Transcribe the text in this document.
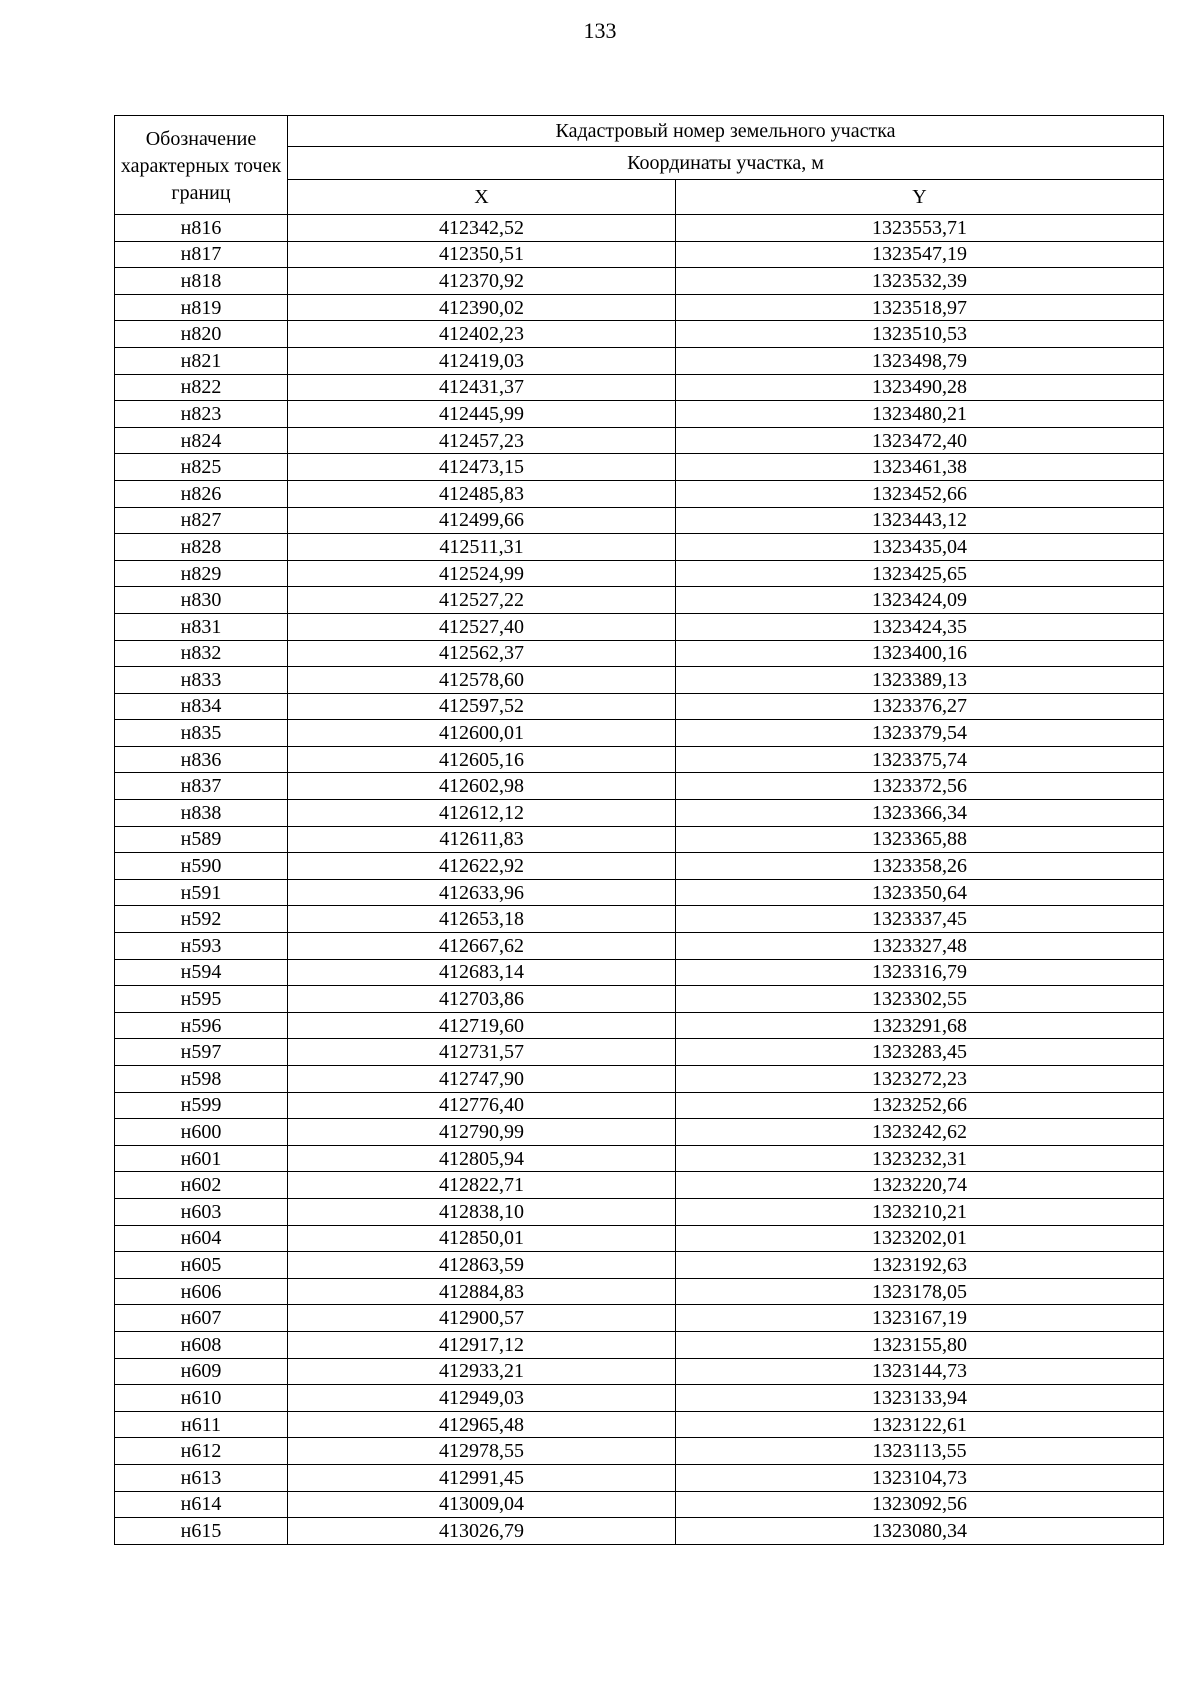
133
Обозначение характерных точек границ	Кадастровый номер земельного участка	
	Координаты участка, м	
	X	Y
н816	412342,52	1323553,71
н817	412350,51	1323547,19
н818	412370,92	1323532,39
н819	412390,02	1323518,97
н820	412402,23	1323510,53
н821	412419,03	1323498,79
н822	412431,37	1323490,28
н823	412445,99	1323480,21
н824	412457,23	1323472,40
н825	412473,15	1323461,38
н826	412485,83	1323452,66
н827	412499,66	1323443,12
н828	412511,31	1323435,04
н829	412524,99	1323425,65
н830	412527,22	1323424,09
н831	412527,40	1323424,35
н832	412562,37	1323400,16
н833	412578,60	1323389,13
н834	412597,52	1323376,27
н835	412600,01	1323379,54
н836	412605,16	1323375,74
н837	412602,98	1323372,56
н838	412612,12	1323366,34
н589	412611,83	1323365,88
н590	412622,92	1323358,26
н591	412633,96	1323350,64
н592	412653,18	1323337,45
н593	412667,62	1323327,48
н594	412683,14	1323316,79
н595	412703,86	1323302,55
н596	412719,60	1323291,68
н597	412731,57	1323283,45
н598	412747,90	1323272,23
н599	412776,40	1323252,66
н600	412790,99	1323242,62
н601	412805,94	1323232,31
н602	412822,71	1323220,74
н603	412838,10	1323210,21
н604	412850,01	1323202,01
н605	412863,59	1323192,63
н606	412884,83	1323178,05
н607	412900,57	1323167,19
н608	412917,12	1323155,80
н609	412933,21	1323144,73
н610	412949,03	1323133,94
н611	412965,48	1323122,61
н612	412978,55	1323113,55
н613	412991,45	1323104,73
н614	413009,04	1323092,56
н615	413026,79	1323080,34
